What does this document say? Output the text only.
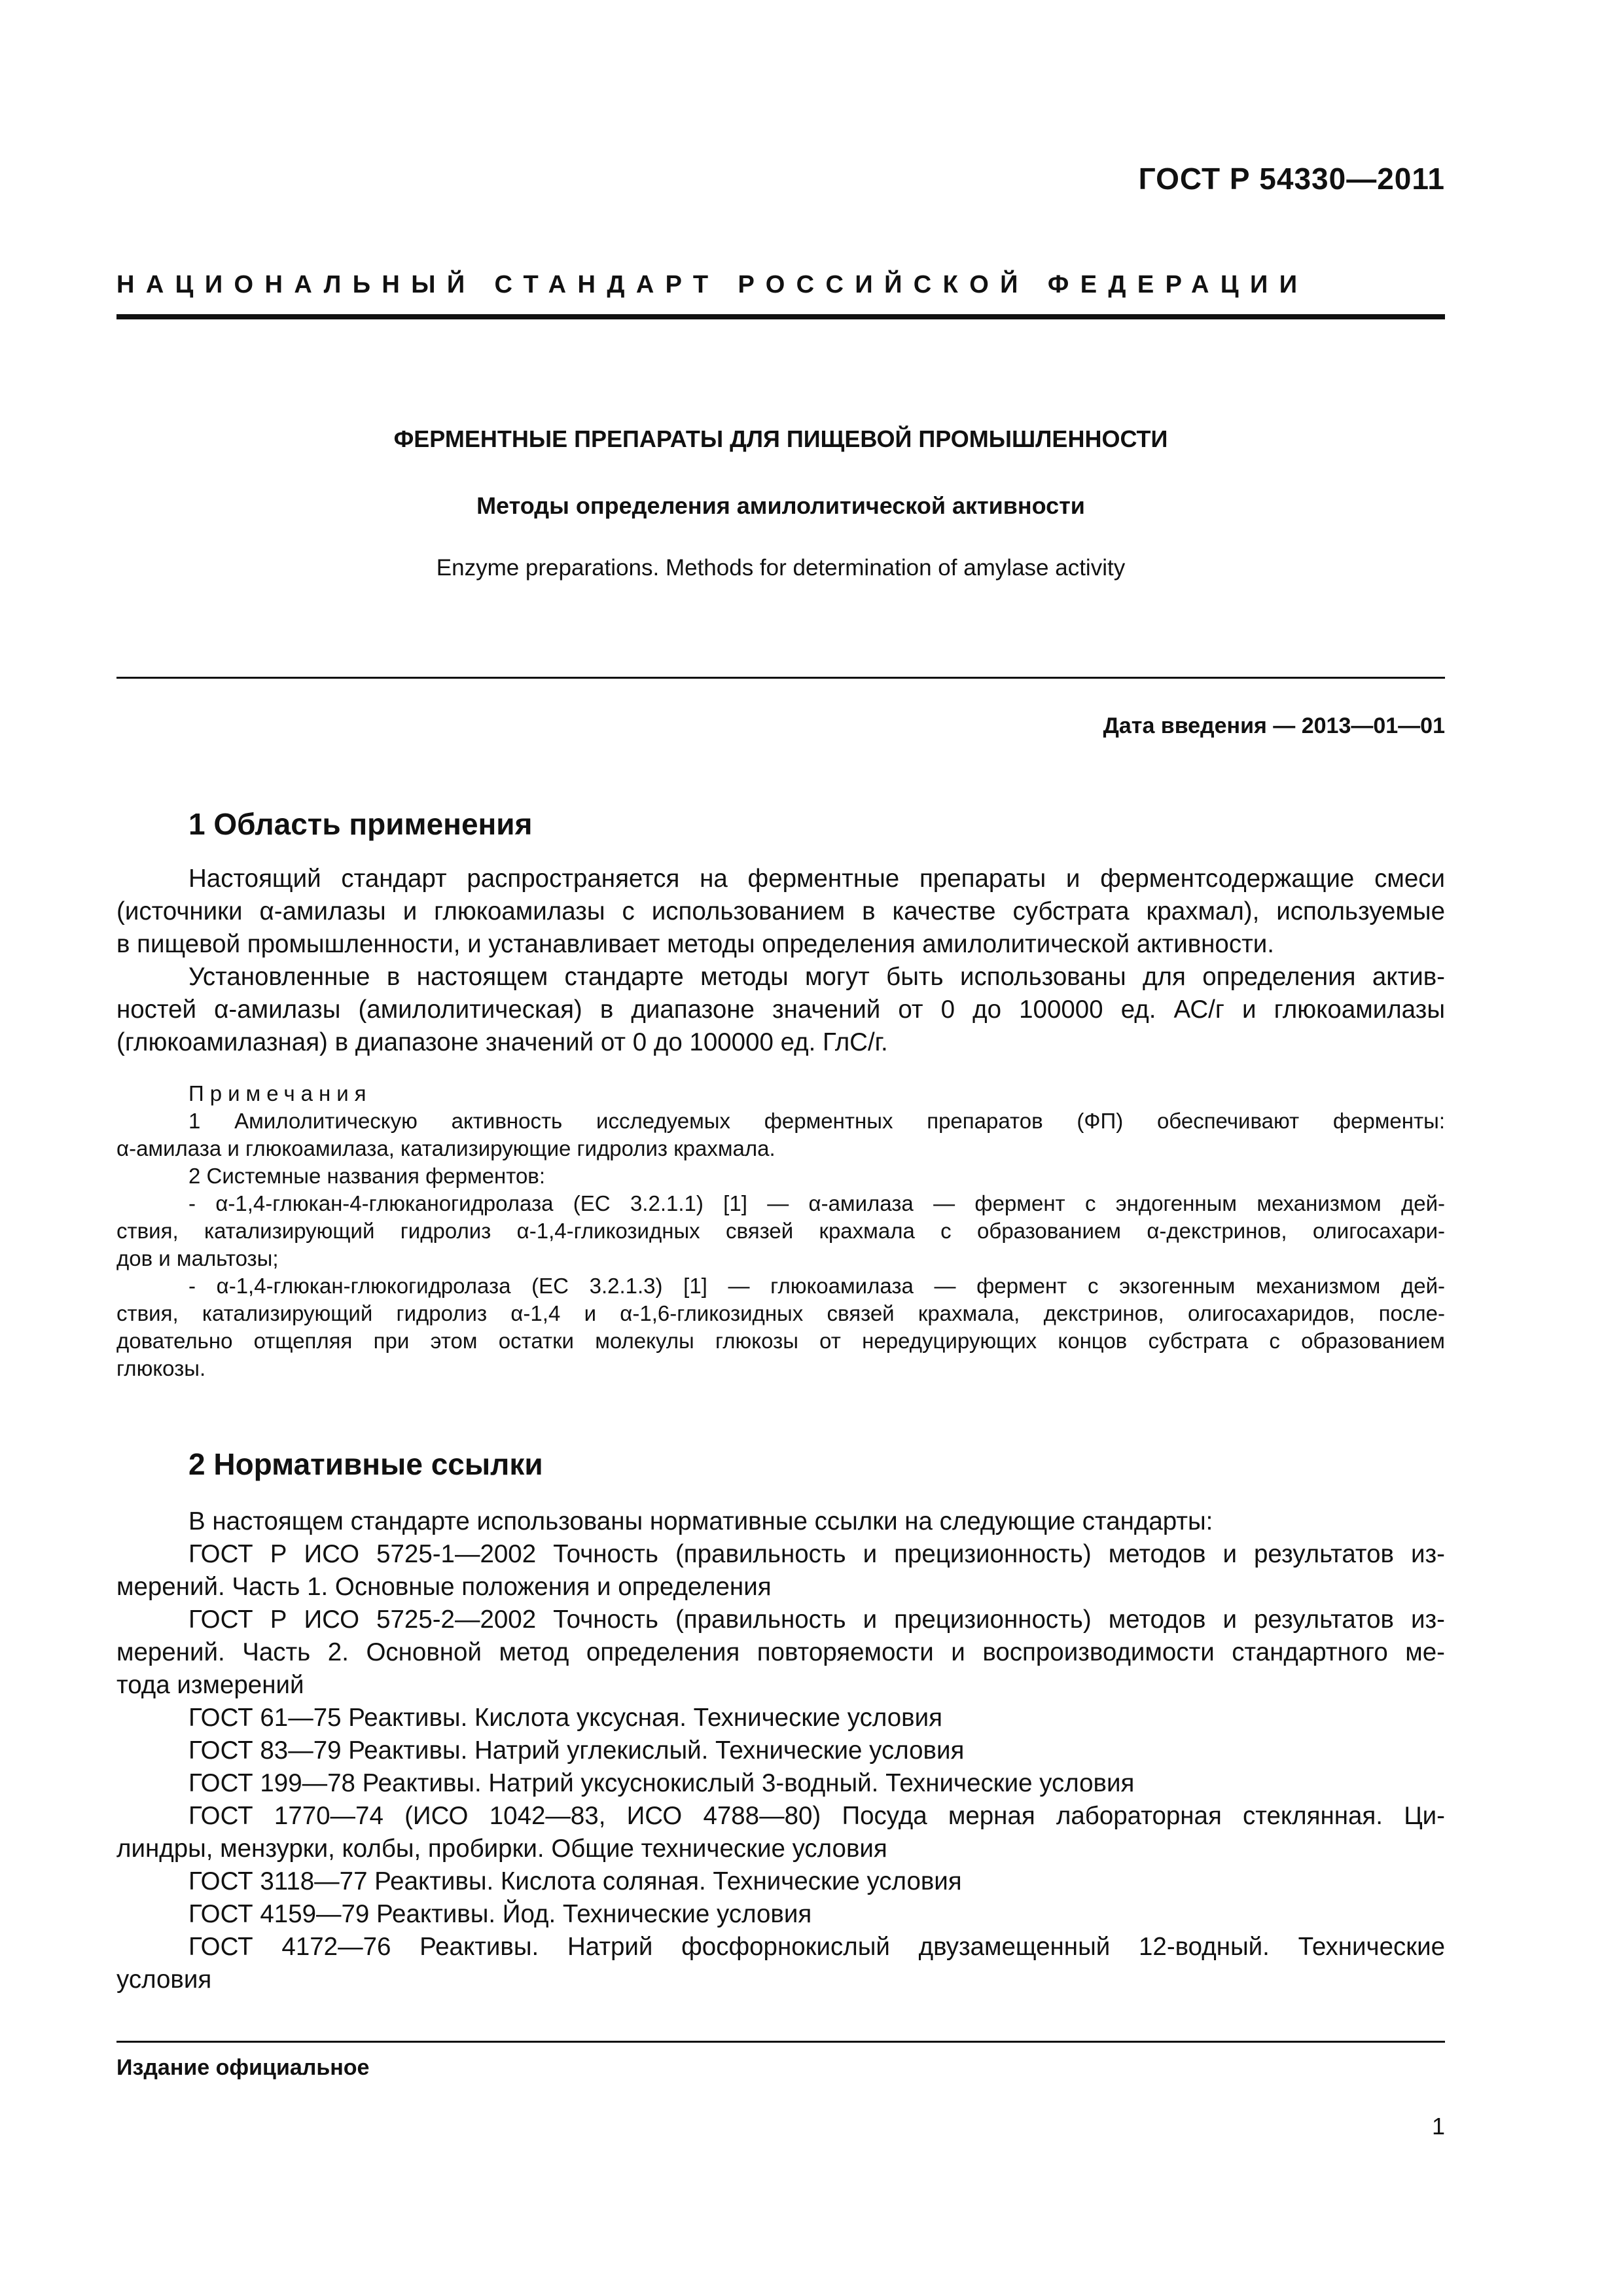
ГОСТ Р 54330—2011
НАЦИОНАЛЬНЫЙ СТАНДАРТ РОССИЙСКОЙ ФЕДЕРАЦИИ
ФЕРМЕНТНЫЕ ПРЕПАРАТЫ ДЛЯ ПИЩЕВОЙ ПРОМЫШЛЕННОСТИ
Методы определения амилолитической активности
Enzyme preparations. Methods for determination of amylase activity
Дата введения — 2013—01—01
1 Область применения
Настоящий стандарт распространяется на ферментные препараты и ферментсодержащие смеси
(источники α-амилазы и глюкоамилазы с использованием в качестве субстрата крахмал), используемые
в пищевой промышленности, и устанавливает методы определения амилолитической активности.
Установленные в настоящем стандарте методы могут быть использованы для определения актив-
ностей α-амилазы (амилолитическая) в диапазоне значений от 0 до 100000 ед. АС/г и глюкоамилазы
(глюкоамилазная) в диапазоне значений от 0 до 100000 ед. ГлС/г.
Примечания
1 Амилолитическую активность исследуемых ферментных препаратов (ФП) обеспечивают ферменты:
α-амилаза и глюкоамилаза, катализирующие гидролиз крахмала.
2 Системные названия ферментов:
- α-1,4-глюкан-4-глюканогидролаза (ЕС 3.2.1.1) [1] — α-амилаза — фермент с эндогенным механизмом дей-
ствия, катализирующий гидролиз α-1,4-гликозидных связей крахмала с образованием α-декстринов, олигосахари-
дов и мальтозы;
- α-1,4-глюкан-глюкогидролаза (ЕС 3.2.1.3) [1] — глюкоамилаза — фермент с экзогенным механизмом дей-
ствия, катализирующий гидролиз α-1,4 и α-1,6-гликозидных связей крахмала, декстринов, олигосахаридов, после-
довательно отщепляя при этом остатки молекулы глюкозы от нередуцирующих концов субстрата с образованием
глюкозы.
2 Нормативные ссылки
В настоящем стандарте использованы нормативные ссылки на следующие стандарты:
ГОСТ Р ИСО 5725-1—2002 Точность (правильность и прецизионность) методов и результатов из-
мерений. Часть 1. Основные положения и определения
ГОСТ Р ИСО 5725-2—2002 Точность (правильность и прецизионность) методов и результатов из-
мерений. Часть 2. Основной метод определения повторяемости и воспроизводимости стандартного ме-
тода измерений
ГОСТ 61—75 Реактивы. Кислота уксусная. Технические условия
ГОСТ 83—79 Реактивы. Натрий углекислый. Технические условия
ГОСТ 199—78 Реактивы. Натрий уксуснокислый 3-водный. Технические условия
ГОСТ 1770—74 (ИСО 1042—83, ИСО 4788—80) Посуда мерная лабораторная стеклянная. Ци-
линдры, мензурки, колбы, пробирки. Общие технические условия
ГОСТ 3118—77 Реактивы. Кислота соляная. Технические условия
ГОСТ 4159—79 Реактивы. Йод. Технические условия
ГОСТ 4172—76 Реактивы. Натрий фосфорнокислый двузамещенный 12-водный. Технические
условия
Издание официальное
1
